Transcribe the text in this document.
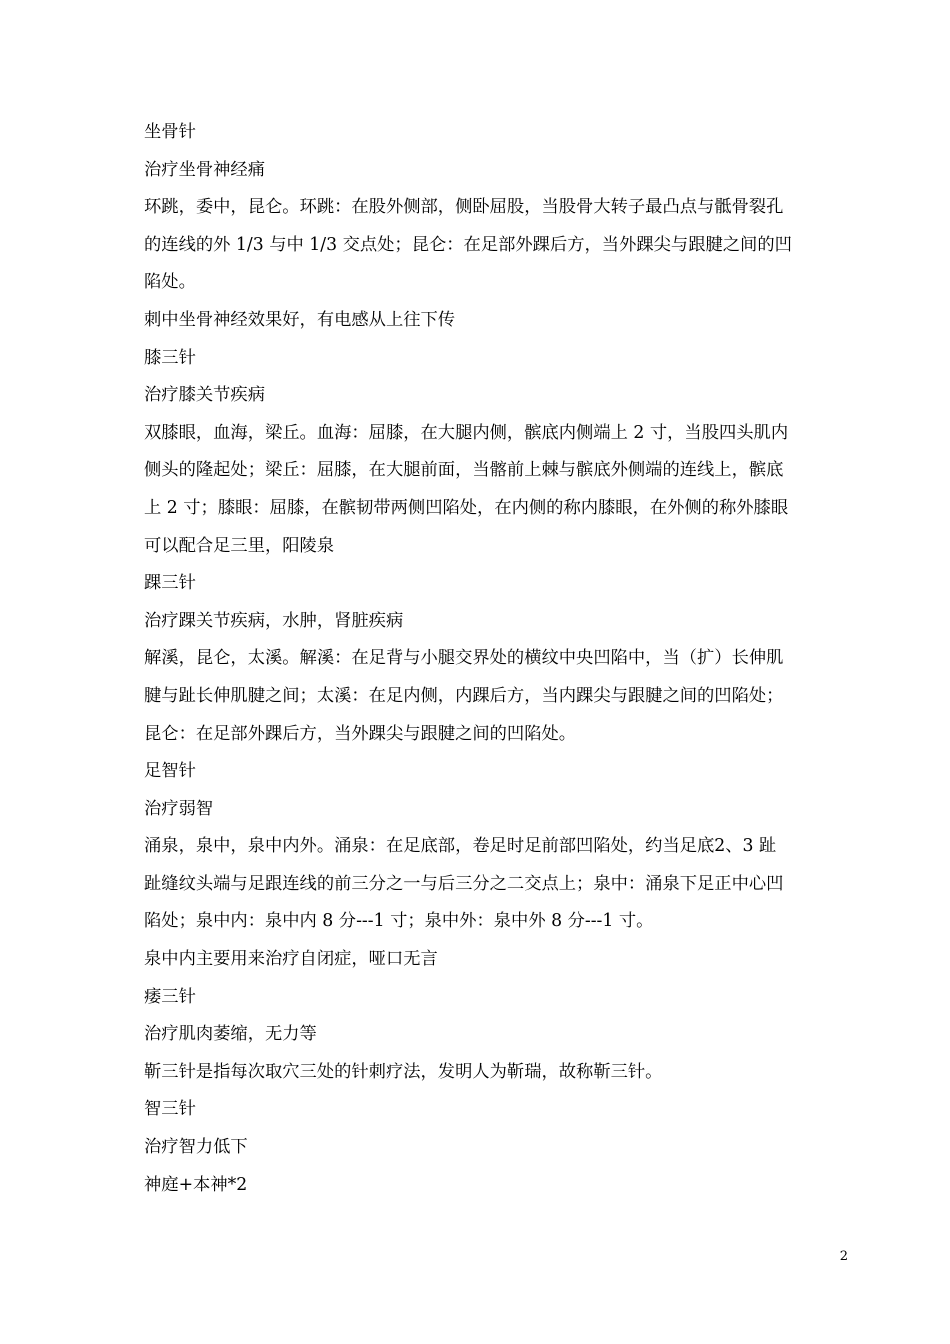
坐骨针
治疗坐骨神经痛
环跳，委中，昆仑。环跳：在股外侧部，侧卧屈股，当股骨大转子最凸点与骶骨裂孔
的连线的外 1/3 与中 1/3 交点处；昆仑：在足部外踝后方，当外踝尖与跟腱之间的凹
陷处。
刺中坐骨神经效果好，有电感从上往下传
膝三针
治疗膝关节疾病
双膝眼，血海，梁丘。血海：屈膝，在大腿内侧，髌底内侧端上 2 寸，当股四头肌内
侧头的隆起处；梁丘：屈膝，在大腿前面，当髂前上棘与髌底外侧端的连线上，髌底
上 2 寸；膝眼：屈膝，在髌韧带两侧凹陷处，在内侧的称内膝眼，在外侧的称外膝眼
可以配合足三里，阳陵泉
踝三针
治疗踝关节疾病，水肿，肾脏疾病
解溪，昆仑，太溪。解溪：在足背与小腿交界处的横纹中央凹陷中，当（扩）长伸肌
腱与趾长伸肌腱之间；太溪：在足内侧，内踝后方，当内踝尖与跟腱之间的凹陷处；
昆仑：在足部外踝后方，当外踝尖与跟腱之间的凹陷处。
足智针
治疗弱智
涌泉，泉中，泉中内外。涌泉：在足底部，卷足时足前部凹陷处，约当足底2、3 趾
趾缝纹头端与足跟连线的前三分之一与后三分之二交点上；泉中：涌泉下足正中心凹
陷处；泉中内：泉中内 8 分---1 寸；泉中外：泉中外 8 分---1 寸。
泉中内主要用来治疗自闭症，哑口无言
痿三针
治疗肌肉萎缩，无力等
靳三针是指每次取穴三处的针刺疗法，发明人为靳瑞，故称靳三针。
智三针
治疗智力低下
神庭+本神*2
2
